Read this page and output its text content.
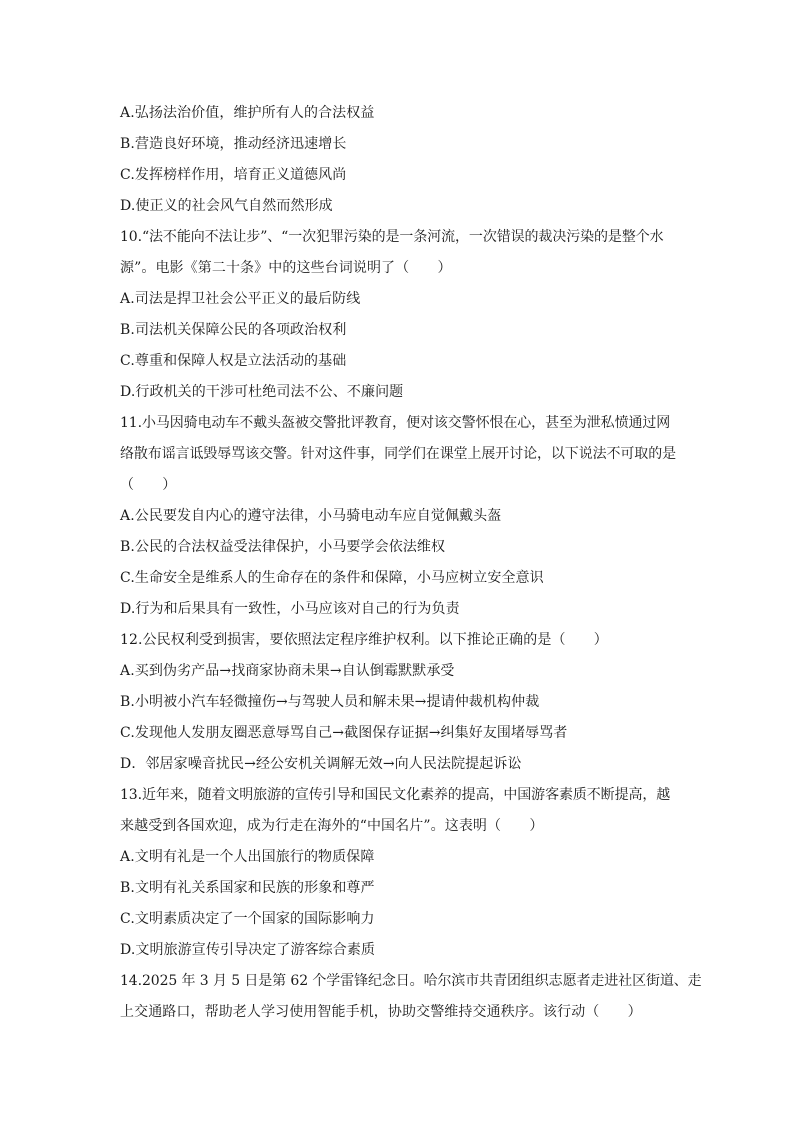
A.弘扬法治价值，维护所有人的合法权益
B.营造良好环境，推动经济迅速增长
C.发挥榜样作用，培育正义道德风尚
D.使正义的社会风气自然而然形成
10.“法不能向不法让步”、“一次犯罪污染的是一条河流，一次错误的裁决污染的是整个水
源”。电影《第二十条》中的这些台词说明了（　　）
A.司法是捍卫社会公平正义的最后防线
B.司法机关保障公民的各项政治权利
C.尊重和保障人权是立法活动的基础
D.行政机关的干涉可杜绝司法不公、不廉问题
11.小马因骑电动车不戴头盔被交警批评教育，便对该交警怀恨在心，甚至为泄私愤通过网
络散布谣言诋毁辱骂该交警。针对这件事，同学们在课堂上展开讨论，以下说法不可取的是
（　　）
A.公民要发自内心的遵守法律，小马骑电动车应自觉佩戴头盔
B.公民的合法权益受法律保护，小马要学会依法维权
C.生命安全是维系人的生命存在的条件和保障，小马应树立安全意识
D.行为和后果具有一致性，小马应该对自己的行为负责
12.公民权利受到损害，要依照法定程序维护权利。以下推论正确的是（　　）
A.买到伪劣产品→找商家协商未果→自认倒霉默默承受
B.小明被小汽车轻微撞伤→与驾驶人员和解未果→提请仲裁机构仲裁
C.发现他人发朋友圈恶意辱骂自己→截图保存证据→纠集好友围堵辱骂者
D．邻居家噪音扰民→经公安机关调解无效→向人民法院提起诉讼
13.近年来，随着文明旅游的宣传引导和国民文化素养的提高，中国游客素质不断提高，越
来越受到各国欢迎，成为行走在海外的“中国名片”。这表明（　　）
A.文明有礼是一个人出国旅行的物质保障
B.文明有礼关系国家和民族的形象和尊严
C.文明素质决定了一个国家的国际影响力
D.文明旅游宣传引导决定了游客综合素质
14.2025 年 3 月 5 日是第 62 个学雷锋纪念日。哈尔滨市共青团组织志愿者走进社区街道、走
上交通路口，帮助老人学习使用智能手机，协助交警维持交通秩序。该行动（　　）
